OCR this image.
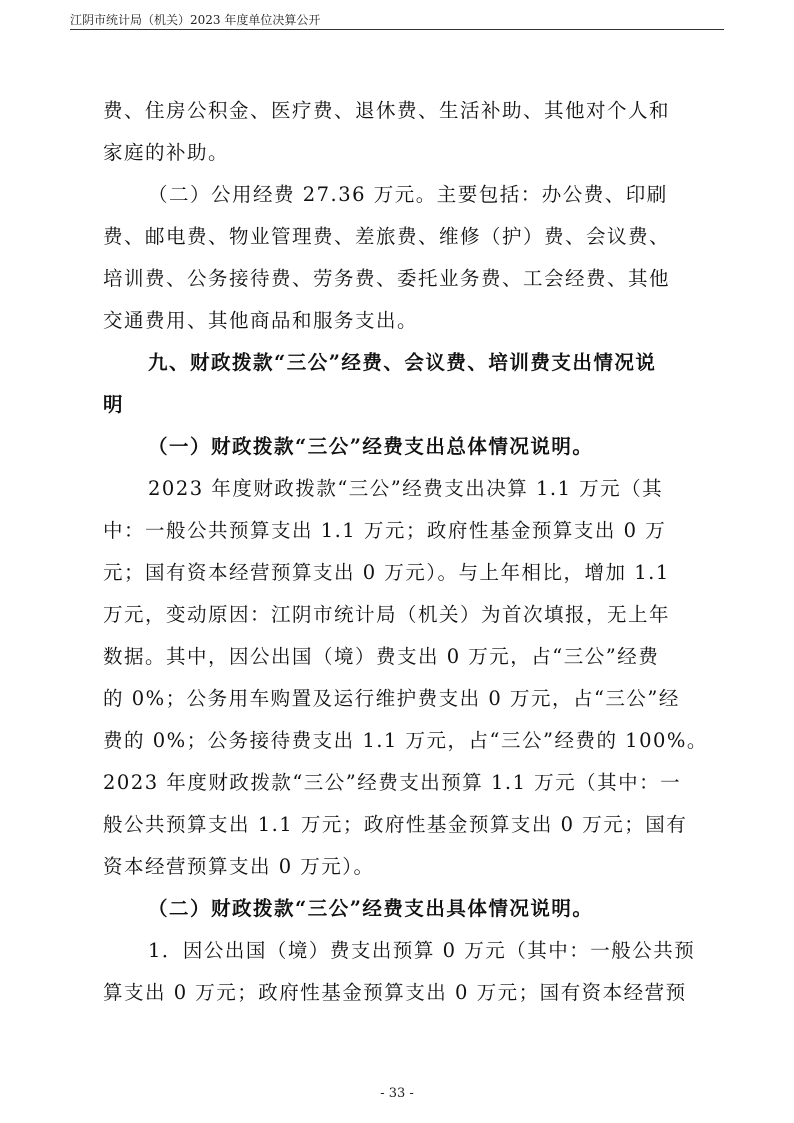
江阴市统计局（机关）2023 年度单位决算公开
费、住房公积金、医疗费、退休费、生活补助、其他对个人和
家庭的补助。
（二）公用经费 27.36 万元。主要包括：办公费、印刷
费、邮电费、物业管理费、差旅费、维修（护）费、会议费、
培训费、公务接待费、劳务费、委托业务费、工会经费、其他
交通费用、其他商品和服务支出。
九、财政拨款“三公”经费、会议费、培训费支出情况说
明
（一）财政拨款“三公”经费支出总体情况说明。
2023 年度财政拨款“三公”经费支出决算 1.1 万元（其
中：一般公共预算支出 1.1 万元；政府性基金预算支出 0 万
元；国有资本经营预算支出 0 万元）。与上年相比，增加 1.1
万元，变动原因：江阴市统计局（机关）为首次填报，无上年
数据。其中，因公出国（境）费支出 0 万元，占“三公”经费
的 0%；公务用车购置及运行维护费支出 0 万元，占“三公”经
费的 0%；公务接待费支出 1.1 万元，占“三公”经费的 100%。
2023 年度财政拨款“三公”经费支出预算 1.1 万元（其中：一
般公共预算支出 1.1 万元；政府性基金预算支出 0 万元；国有
资本经营预算支出 0 万元）。
（二）财政拨款“三公”经费支出具体情况说明。
1．因公出国（境）费支出预算 0 万元（其中：一般公共预
算支出 0 万元；政府性基金预算支出 0 万元；国有资本经营预
- 33 -
